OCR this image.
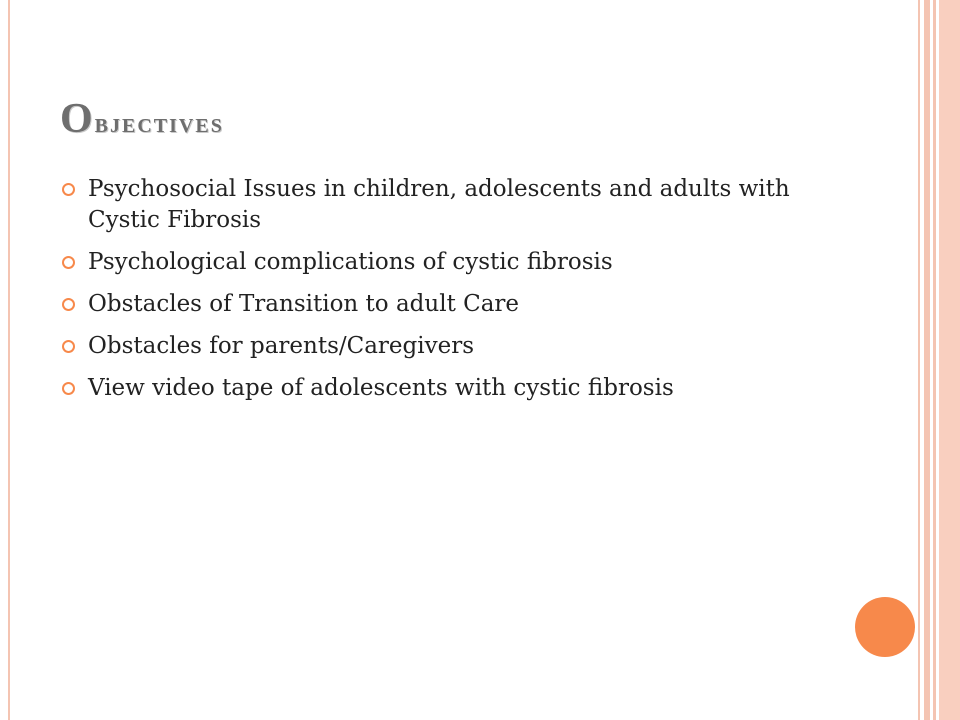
Objectives
Psychosocial Issues in children, adolescents and adults with Cystic Fibrosis
Psychological complications of cystic fibrosis
Obstacles of Transition to adult Care
Obstacles for parents/Caregivers
View video tape of adolescents with cystic fibrosis
